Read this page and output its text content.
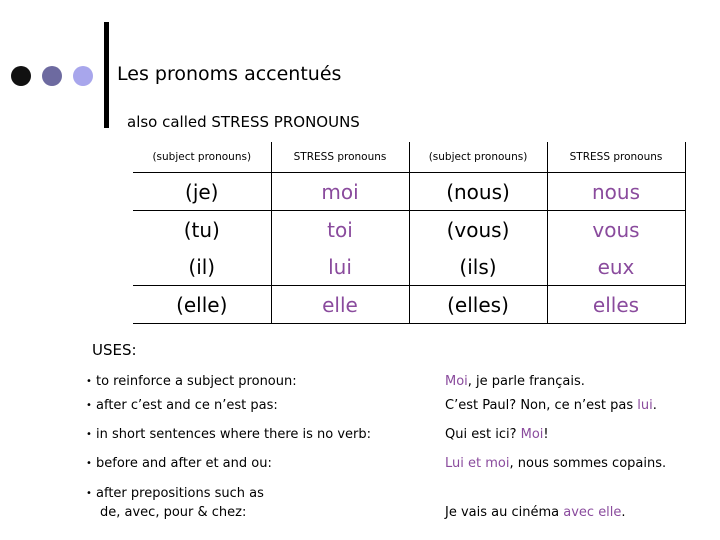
Les pronoms accentués
also called STRESS PRONOUNS
(subject pronouns)	STRESS pronouns	(subject pronouns)	STRESS pronouns
(je)	moi	(nous)	nous
(tu)	toi	(vous)	vous
(il)	lui	(ils)	eux
(elle)	elle	(elles)	elles
USES:
• to reinforce a subject pronoun:	Moi, je parle français.
• after c’est and ce n’est pas:	C’est Paul? Non, ce n’est pas lui.
• in short sentences where there is no verb:	Qui est ici? Moi!
• before and after et and ou:	Lui et moi, nous sommes copains.
• after prepositions such as
de, avec, pour & chez:	Je vais au cinéma avec elle.
